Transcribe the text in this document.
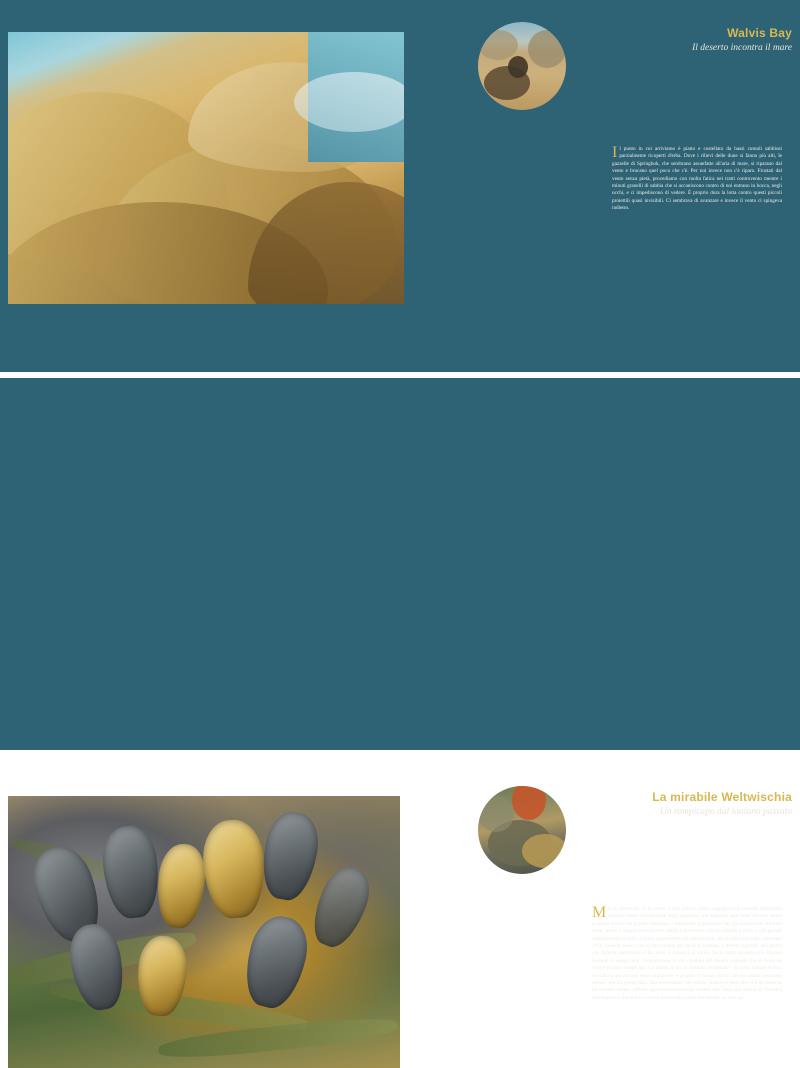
Walvis Bay

Il deserto incontra il mare

Il punto in cui arriviamo è piatto e costellato da bassi cumuli sabbiosi parzialmente ricoperti d'erba. Dove i rilievi delle dune si fanno più alti, le gazzelle di Springbok, che sembrano assuefatte all'aria di mare, si riparano dal vento e brucano quel poco che c'è. Per noi invece non c'è riparo. Frustati dal vento senza pietà, procediamo con molta fatica nei tratti controvento mentre i minuti granelli di sabbia che si accaniscono contro di noi entrano in bocca, negli occhi, e ci impediscono di vedere. È proprio dura la lotta contro questi piccoli proiettili quasi invisibili. Ci sembrava di avanzare e invece il vento ci spingeva indietro.

La mirabile Weltwischia

Un rompicapo dal lontano passato

Ma un momento, si fa presto a dire pianta! Certo, oggigiorno è normale pretendere risposte veloci ed esaurienti sugli argomenti più disparati ogni volta che una nuova scoperta arriva con grande risonanza a illuminare il panorama del già conosciuto. Abituati come siamo a fugare velocemente dubbi e incertezze con un semplice click e con grande soddisfazione di tutti, ci potrà sorprendere ciò che accadde nel mondo scientifico nell'anno 1859, quando invece non si dava niente per facile e scontato. L'evento riguardò una pianta che definire particolare è dir poco. I botanici di allora, fra le tante scoperte che stavano facendo in quegli anni, s'imbatterono in una creatura del mondo vegetale che si rivelò un vero e proprio rompicapo. La pianta di cui si stavano occupando – la cosa, mentre scrivo, mi suscita ancora una certa emozione– è proprio la stessa pianta che noi stiamo cercando adesso, qui fra questi sassi. Ma procediamo con ordine. Intanto è bene dire che lei nasce in un ristretto areale, diffusa approssimativamente intorno alla linea che separa la Namibia dall'Angola e che non si trova in nessun'altra parte del mondo, se non qui.
